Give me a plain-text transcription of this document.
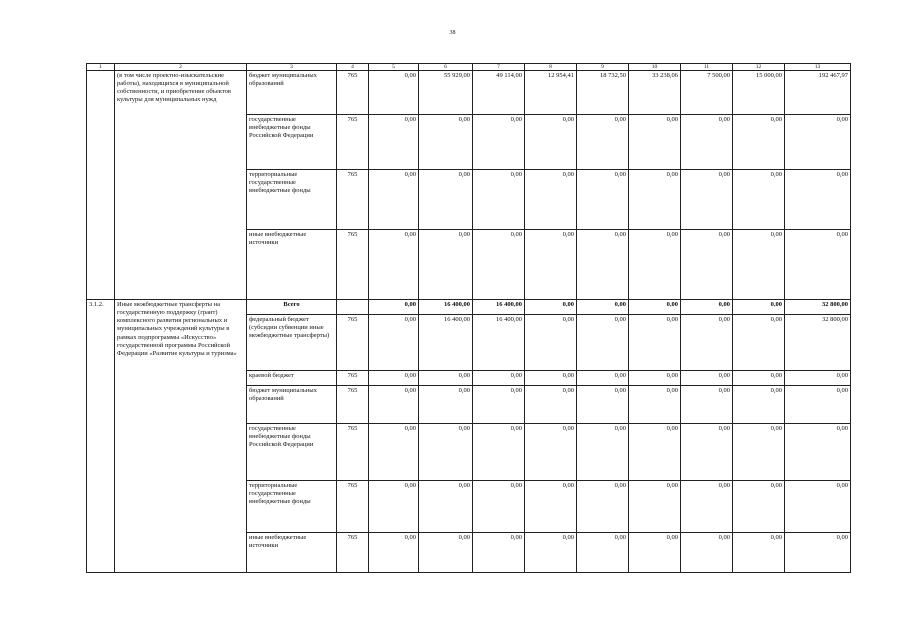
38
1	2	3	4	5	6	7	8	9	10	11	12	13
	(в том числе проектно-изыскательские работы), находящихся в муниципальной собственности, и приобретение объектов культуры для муниципальных нужд	бюджет муниципальных образований	765	0,00	55 929,00	49 114,00	12 954,41	18 732,50	33 238,06	7 500,00	15 000,00	192 467,97
		государственные внебюджетные фонды Российской Федерации	765	0,00	0,00	0,00	0,00	0,00	0,00	0,00	0,00	0,00
		территориальные государственные внебюджетные фонды	765	0,00	0,00	0,00	0,00	0,00	0,00	0,00	0,00	0,00
		иные внебюджетные источники	765	0,00	0,00	0,00	0,00	0,00	0,00	0,00	0,00	0,00
3.1.2.	Иные межбюджетные трансферты на государственную поддержку (грант) комплексного развития региональных и муниципальных учреждений культуры в рамках подпрограммы «Искусство» государственной программы Российской Федерации «Развитие культуры и туризма»	Всего		0,00	16 400,00	16 400,00	0,00	0,00	0,00	0,00	0,00	32 800,00
		федеральный бюджет (субсидии субвенции иные межбюджетные трансферты)	765	0,00	16 400,00	16 400,00	0,00	0,00	0,00	0,00	0,00	32 800,00
		краевой бюджет	765	0,00	0,00	0,00	0,00	0,00	0,00	0,00	0,00	0,00
		бюджет муниципальных образований	765	0,00	0,00	0,00	0,00	0,00	0,00	0,00	0,00	0,00
		государственные внебюджетные фонды Российской Федерации	765	0,00	0,00	0,00	0,00	0,00	0,00	0,00	0,00	0,00
		территориальные государственные внебюджетные фонды	765	0,00	0,00	0,00	0,00	0,00	0,00	0,00	0,00	0,00
		иные внебюджетные источники	765	0,00	0,00	0,00	0,00	0,00	0,00	0,00	0,00	0,00
